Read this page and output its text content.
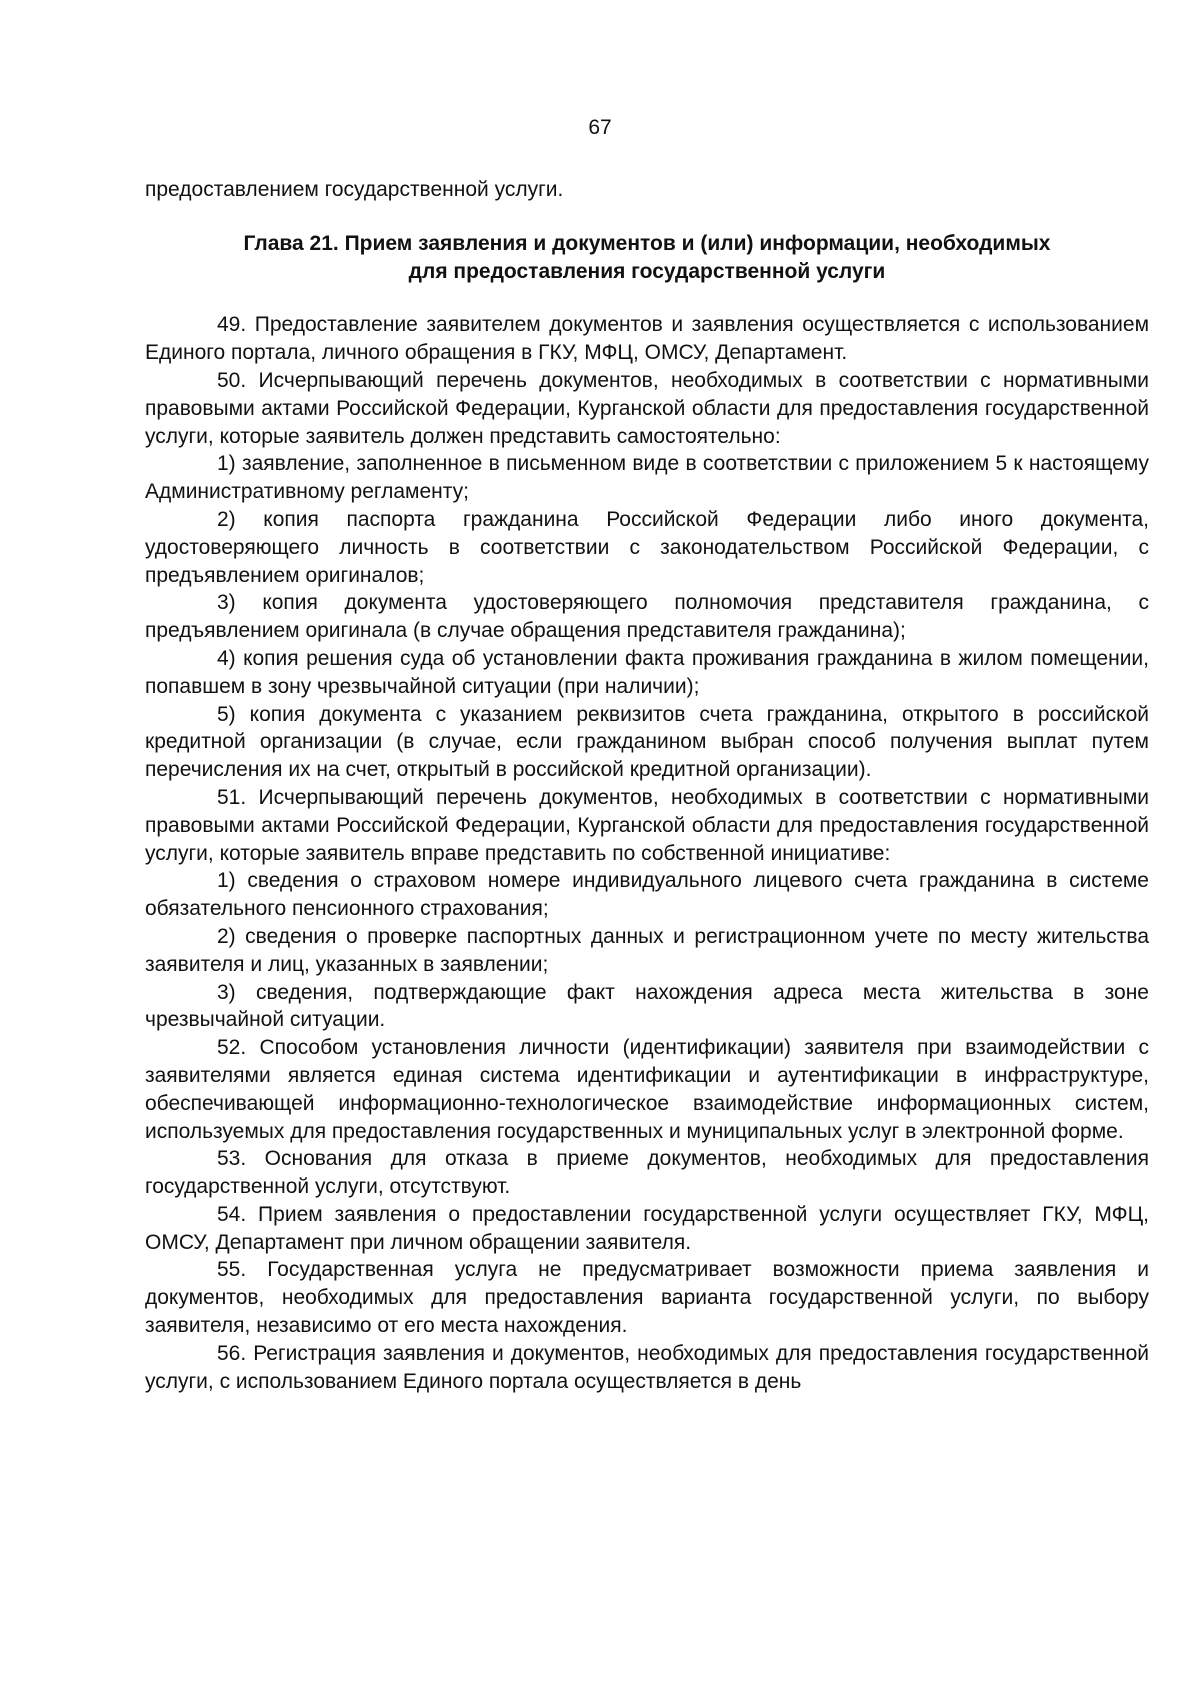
67

предоставлением государственной услуги.

Глава 21. Прием заявления и документов и (или) информации, необходимых
для предоставления государственной услуги

49. Предоставление заявителем документов и заявления осуществляется с использованием Единого портала, личного обращения в ГКУ, МФЦ, ОМСУ, Департамент.

50. Исчерпывающий перечень документов, необходимых в соответствии с нормативными правовыми актами Российской Федерации, Курганской области для предоставления государственной услуги, которые заявитель должен представить самостоятельно:

1) заявление, заполненное в письменном виде в соответствии с приложением 5 к настоящему Административному регламенту;

2) копия паспорта гражданина Российской Федерации либо иного документа, удостоверяющего личность в соответствии с законодательством Российской Федерации, с предъявлением оригиналов;

3) копия документа удостоверяющего полномочия представителя гражданина, с предъявлением оригинала (в случае обращения представителя гражданина);

4) копия решения суда об установлении факта проживания гражданина в жилом помещении, попавшем в зону чрезвычайной ситуации (при наличии);

5) копия документа с указанием реквизитов счета гражданина, открытого в российской кредитной организации (в случае, если гражданином выбран способ получения выплат путем перечисления их на счет, открытый в российской кредитной организации).

51. Исчерпывающий перечень документов, необходимых в соответствии с нормативными правовыми актами Российской Федерации, Курганской области для предоставления государственной услуги, которые заявитель вправе представить по собственной инициативе:

1) сведения о страховом номере индивидуального лицевого счета гражданина в системе обязательного пенсионного страхования;

2) сведения о проверке паспортных данных и регистрационном учете по месту жительства заявителя и лиц, указанных в заявлении;

3) сведения, подтверждающие факт нахождения адреса места жительства в зоне чрезвычайной ситуации.

52. Способом установления личности (идентификации) заявителя при взаимодействии с заявителями является единая система идентификации и аутентификации в инфраструктуре, обеспечивающей информационно-технологическое взаимодействие информационных систем, используемых для предоставления государственных и муниципальных услуг в электронной форме.

53. Основания для отказа в приеме документов, необходимых для предоставления государственной услуги, отсутствуют.

54. Прием заявления о предоставлении государственной услуги осуществляет ГКУ, МФЦ, ОМСУ, Департамент при личном обращении заявителя.

55. Государственная услуга не предусматривает возможности приема заявления и документов, необходимых для предоставления варианта государственной услуги, по выбору заявителя, независимо от его места нахождения.

56. Регистрация заявления и документов, необходимых для предоставления государственной услуги, с использованием Единого портала осуществляется в день
